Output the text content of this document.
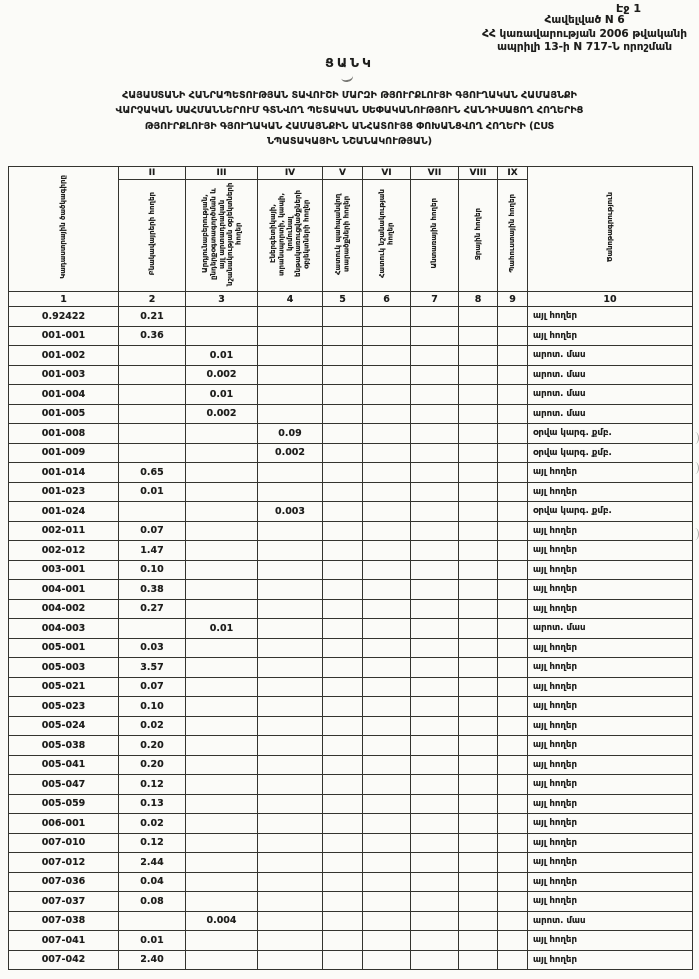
Էջ 1
Հավելված N 6
ՀՀ կառավարության 2006 թվականի
ապրիլի 13-ի N 717-Ն որոշման
ՑԱՆԿ
ՀԱՅԱՍՏԱՆԻ ՀԱՆՐԱՊԵՏՈՒԹՅԱՆ ՏԱՎՈՒՇԻ ՄԱՐԶԻ ԹՅՈՒՐՔԼՈՒՅԻ ԳՅՈՒՂԱԿԱՆ ՀԱՄԱՅՆՔԻ
ՎԱՐՉԱԿԱՆ ՍԱՀՄԱՆՆԵՐՈՒՄ ԳՏՆՎՈՂ ՊԵՏԱԿԱՆ ՍԵՓԱԿԱՆՈՒԹՅՈՒՆ ՀԱՆԴԻՍԱՑՈՂ ՀՈՂԵՐԻՑ
ԹՅՈՒՐՔԼՈՒՅԻ ԳՅՈՒՂԱԿԱՆ ՀԱՄԱՅՆՔԻՆ ԱՆՀԱՏՈՒՅՑ ՓՈԽԱՆՑՎՈՂ ՀՈՂԵՐԻ (ԸՍՏ
ՆՊԱՏԱԿԱՅԻՆ ՆՇԱՆԱԿՈՒԹՅԱՆ)
Կադաստրային ծածկագիրը	II	III	IV	V	VI	VII	VIII	IX	Ծանոթագրություն
	Բնակավայրերի հողեր	Արդյունաբերության, ընդերքօգտագործման և այլ արտադրական նշանակության օբյեկտների հողեր	Էներգետիկայի, տրանսպորտի, կապի, կոմունալ ենթակառուցվածքների օբյեկտների հողեր	Հատուկ պահպանվող տարածքների հողեր	Հատուկ նշանակության հողեր	Անտառային հողեր	Ջրային հողեր	Պահուստային հողեր	
1	2	3	4	5	6	7	8	9	10
0.92422	0.21								այլ հողեր
001-001	0.36								այլ հողեր
001-002		0.01							արոտ. մաս
001-003		0.002							արոտ. մաս
001-004		0.01							արոտ. մաս
001-005		0.002							արոտ. մաս
001-008			0.09						օրվա կարգ. քմբ.
001-009			0.002						օրվա կարգ. քմբ.
001-014	0.65								այլ հողեր
001-023	0.01								այլ հողեր
001-024			0.003						օրվա կարգ. քմբ.
002-011	0.07								այլ հողեր
002-012	1.47								այլ հողեր
003-001	0.10								այլ հողեր
004-001	0.38								այլ հողեր
004-002	0.27								այլ հողեր
004-003		0.01							արոտ. մաս
005-001	0.03								այլ հողեր
005-003	3.57								այլ հողեր
005-021	0.07								այլ հողեր
005-023	0.10								այլ հողեր
005-024	0.02								այլ հողեր
005-038	0.20								այլ հողեր
005-041	0.20								այլ հողեր
005-047	0.12								այլ հողեր
005-059	0.13								այլ հողեր
006-001	0.02								այլ հողեր
007-010	0.12								այլ հողեր
007-012	2.44								այլ հողեր
007-036	0.04								այլ հողեր
007-037	0.08								այլ հողեր
007-038		0.004							արոտ. մաս
007-041	0.01								այլ հողեր
007-042	2.40								այլ հողեր
